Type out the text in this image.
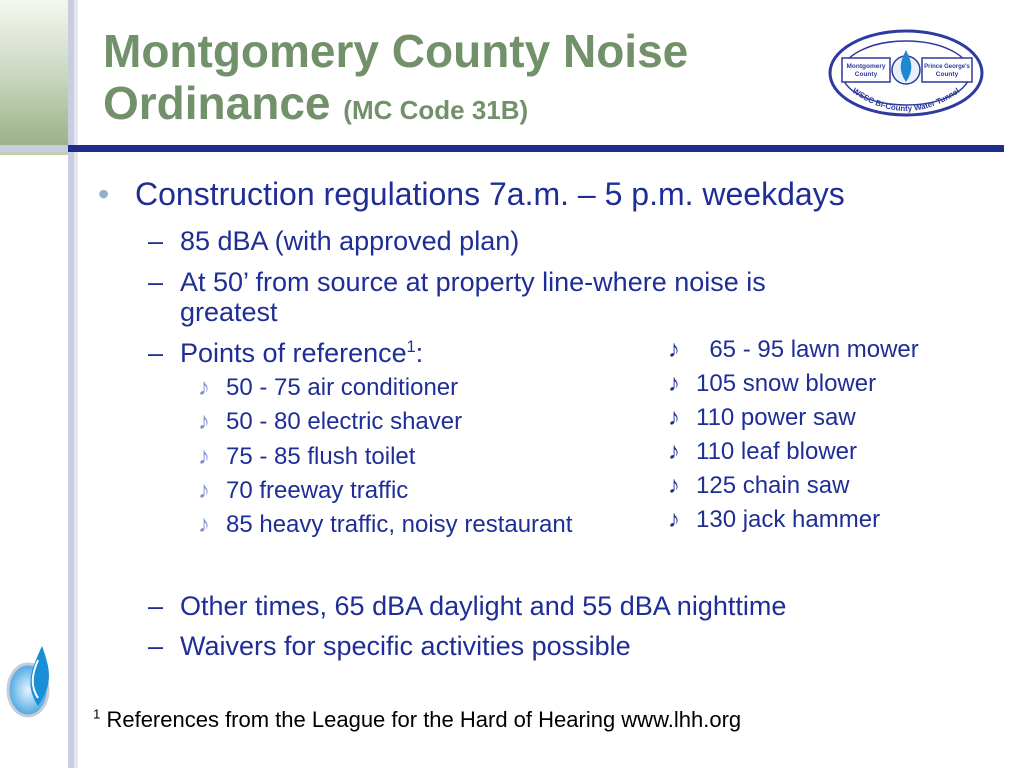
Montgomery County Noise
Ordinance (MC Code 31B)
Montgomery
County
Prince George's
County
WSSC Bi-County Water Tunnel
• Construction regulations 7a.m. – 5 p.m. weekdays
– 85 dBA (with approved plan)
– At 50’ from source at property line-where noise is
greatest
– Points of reference$^1$:
♪ 50 - 75 air conditioner
♪ 50 - 80 electric shaver
♪ 75 - 85 flush toilet
♪ 70 freeway traffic
♪ 85 heavy traffic, noisy restaurant
♪ 65 - 95 lawn mower
♪ 105 snow blower
♪ 110 power saw
♪ 110 leaf blower
♪ 125 chain saw
♪ 130 jack hammer
– Other times, 65 dBA daylight and 55 dBA nighttime
– Waivers for specific activities possible
$^1$ References from the League for the Hard of Hearing www.lhh.org
